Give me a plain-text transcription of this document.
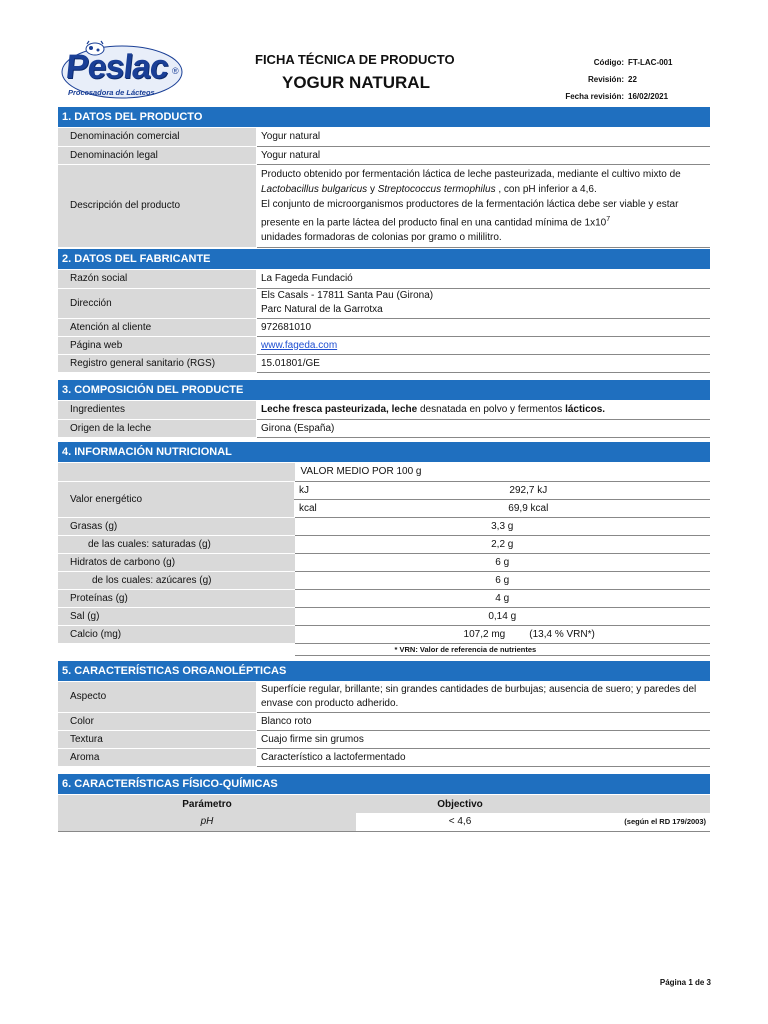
Peslac ®
Procesadora de Lácteos
FICHA TÉCNICA DE PRODUCTO
YOGUR NATURAL
Código: FT-LAC-001
Revisión: 22
Fecha revisión: 16/02/2021
1. DATOS DEL PRODUCTO
Denominación comercial	Yogur natural
Denominación legal	Yogur natural
Descripción del producto	Producto obtenido por fermentación láctica de leche pasteurizada, mediante el cultivo mixto de Lactobacillus bulgaricus y Streptococcus termophilus , con pH inferior a 4,6.
El conjunto de microorganismos productores de la fermentación láctica debe ser viable y estar presente en la parte láctea del producto final en una cantidad mínima de $1x10^7$
unidades formadoras de colonias por gramo o mililitro.
2. DATOS DEL FABRICANTE
Razón social	La Fageda Fundació
Dirección	Els Casals - 17811 Santa Pau (Girona)
Parc Natural de la Garrotxa
Atención al cliente	972681010
Página web	www.fageda.com
Registro general sanitario (RGS)	15.01801/GE
3. COMPOSICIÓN DEL PRODUCTE
Ingredientes	Leche fresca pasteurizada, leche desnatada en polvo y fermentos lácticos.
Origen de la leche	Girona (España)
4. INFORMACIÓN NUTRICIONAL
	VALOR MEDIO POR 100 g	
Valor energético	kJ	292,7 kJ
	kcal	69,9 kcal
Grasas (g)	3,3 g	
de las cuales: saturadas (g)	2,2 g	
Hidratos de carbono (g)	6 g	
de los cuales: azúcares (g)	6 g	
Proteínas (g)	4 g	
Sal (g)	0,14 g	
Calcio (mg)	107,2 mg (13,4 % VRN*)	
	* VRN: Valor de referencia de nutrientes	
5. CARACTERÍSTICAS ORGANOLÉPTICAS
Aspecto	Superfície regular, brillante; sin grandes cantidades de burbujas; ausencia de suero; y paredes del envase con producto adherido.
Color	Blanco roto
Textura	Cuajo firme sin grumos
Aroma	Característico a lactofermentado
6. CARACTERÍSTICAS FÍSICO-QUÍMICAS
Parámetro	Objectivo	
pH	< 4,6	(según el RD 179/2003)
Página 1 de 3
